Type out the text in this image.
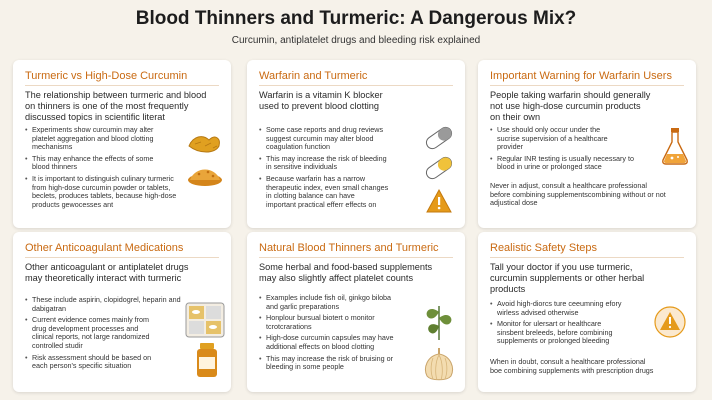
Blood Thinners and Turmeric: A Dangerous Mix?
Curcumin, antiplatelet drugs and bleeding risk explained
Turmeric vs High-Dose Curcumin
The relationship between turmeric and blood
on thinners is one of the most frequently
discussed topics in scientific literat
• Experiments show curcumin may alter
platelet aggregation and blood clotting
mechanisms
• This may enhance the effects of some
blood thinners
• It is important to distinguish culinary turmeric
from high-dose curcumin powder or tablets,
beclets, produces tablets, because high-dose
products gewocesses ant
Warfarin and Turmeric
Warfarin is a vitamin K blocker
used to prevent blood clotting
• Some case reports and drug reviews
suggest curcumin may alter blood
coagulation function
• This may increase the risk of bleeding
in sensitive individuals
• Because warfarin has a narrow
therapeutic index, even small changes
in clotting balance can have
important practical efferr effects on
Important Warning for Warfarin Users
People taking warfarin should generally
not use high-dose curcumin products
on their own
• Use should only occur under the
sucrise supervision of a healthcare
provider
• Regular INR testing is usually necessary to
blood in urine or prolonged stace
Never in adjust, consult a healthcare professional
before combining supplementscombining without or not
adjustical dose
Other Anticoagulant Medications
Other anticoagulant or antiplatelet drugs
may theoretically interact with turmeric
• These include aspirin, clopidogrel, heparin and
dabigatran
• Current evidence comes mainly from
drug development processes and
clinical reports, not large randomized
controlled studir
• Risk assessment should be based on
each person's specific situation
Natural Blood Thinners and Turmeric
Some herbal and food-based supplements
may also slightly affect platelet counts
• Examples include fish oil, ginkgo biloba
and garlic preparations
• Honplour bursual biotert o monitor
tcrotcrarations
• High-dose curcumin capsules may have
additional effects on blood clotting
• This may increase the risk of bruising or
bleeding in some people
Realistic Safety Steps
Tall your doctor if you use turmeric,
curcumin supplements or other herbal
products
• Avoid high-diorcs ture ceeumning efory
wirless advised otherwise
• Monitor for ulersart or healthcare
sinsbent breleeds, before combining
supplements or prolonged bleeding
When in doubt, consult a healthcare professional
boe combining supplements with prescription drugs
